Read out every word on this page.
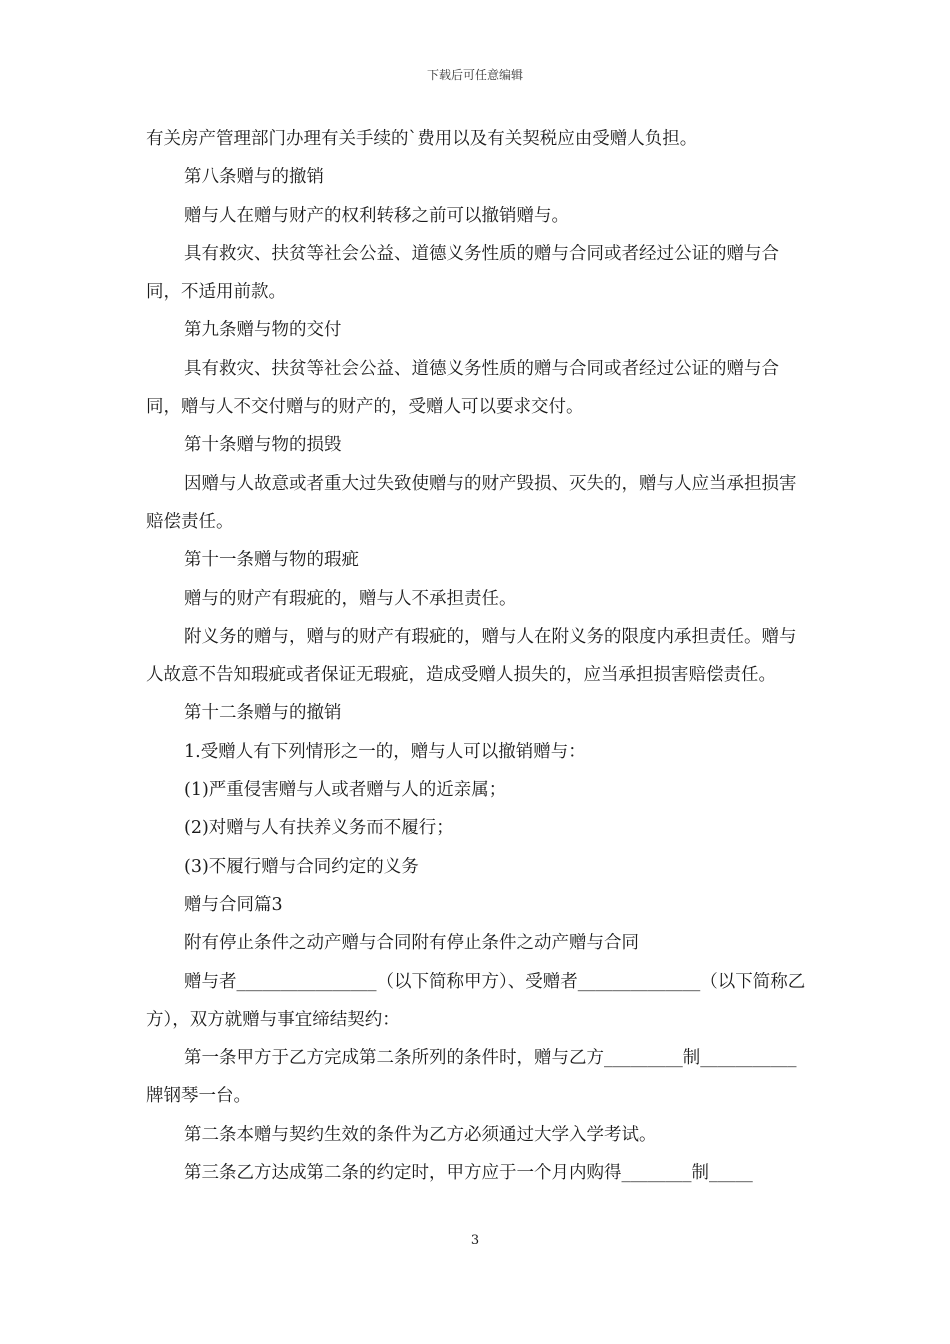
下载后可任意编辑

有关房产管理部门办理有关手续的`费用以及有关契税应由受赠人负担。

第八条赠与的撤销

赠与人在赠与财产的权利转移之前可以撤销赠与。

具有救灾、扶贫等社会公益、道德义务性质的赠与合同或者经过公证的赠与合同，不适用前款。

第九条赠与物的交付

具有救灾、扶贫等社会公益、道德义务性质的赠与合同或者经过公证的赠与合同，赠与人不交付赠与的财产的，受赠人可以要求交付。

第十条赠与物的损毁

因赠与人故意或者重大过失致使赠与的财产毁损、灭失的，赠与人应当承担损害赔偿责任。

第十一条赠与物的瑕疵

赠与的财产有瑕疵的，赠与人不承担责任。

附义务的赠与，赠与的财产有瑕疵的，赠与人在附义务的限度内承担责任。赠与人故意不告知瑕疵或者保证无瑕疵，造成受赠人损失的，应当承担损害赔偿责任。

第十二条赠与的撤销

1.受赠人有下列情形之一的，赠与人可以撤销赠与：

(1)严重侵害赠与人或者赠与人的近亲属；

(2)对赠与人有扶养义务而不履行；

(3)不履行赠与合同约定的义务

赠与合同篇3

附有停止条件之动产赠与合同附有停止条件之动产赠与合同

赠与者________________（以下简称甲方）、受赠者______________（以下简称乙方），双方就赠与事宜缔结契约：

第一条甲方于乙方完成第二条所列的条件时，赠与乙方_________制___________牌钢琴一台。

第二条本赠与契约生效的条件为乙方必须通过大学入学考试。

第三条乙方达成第二条的约定时，甲方应于一个月内购得________制_____

3
